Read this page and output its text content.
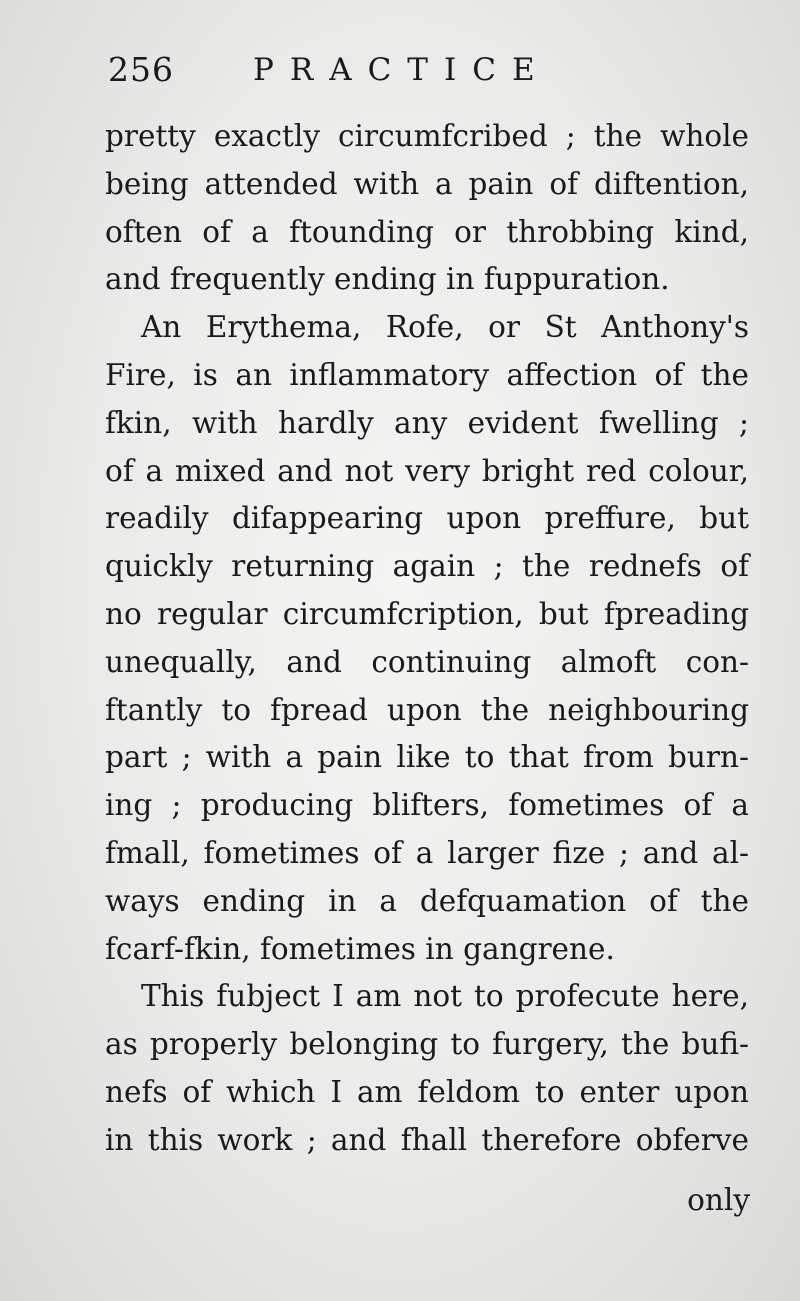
256	PRACTICE
pretty exactly circumfcribed ; the whole
being attended with a pain of diftention,
often of a ftounding or throbbing kind,
and frequently ending in fuppuration.
An Erythema, Rofe, or St Anthony's
Fire, is an inflammatory affection of the
fkin, with hardly any evident fwelling ;
of a mixed and not very bright red colour,
readily difappearing upon preffure, but
quickly returning again ; the rednefs of
no regular circumfcription, but fpreading
unequally, and continuing almoft con-
ftantly to fpread upon the neighbouring
part ; with a pain like to that from burn-
ing ; producing blifters, fometimes of a
fmall, fometimes of a larger fize ; and al-
ways ending in a defquamation of the
fcarf-fkin, fometimes in gangrene.
This fubject I am not to profecute here,
as properly belonging to furgery, the bufi-
nefs of which I am feldom to enter upon
in this work ; and fhall therefore obferve
only
